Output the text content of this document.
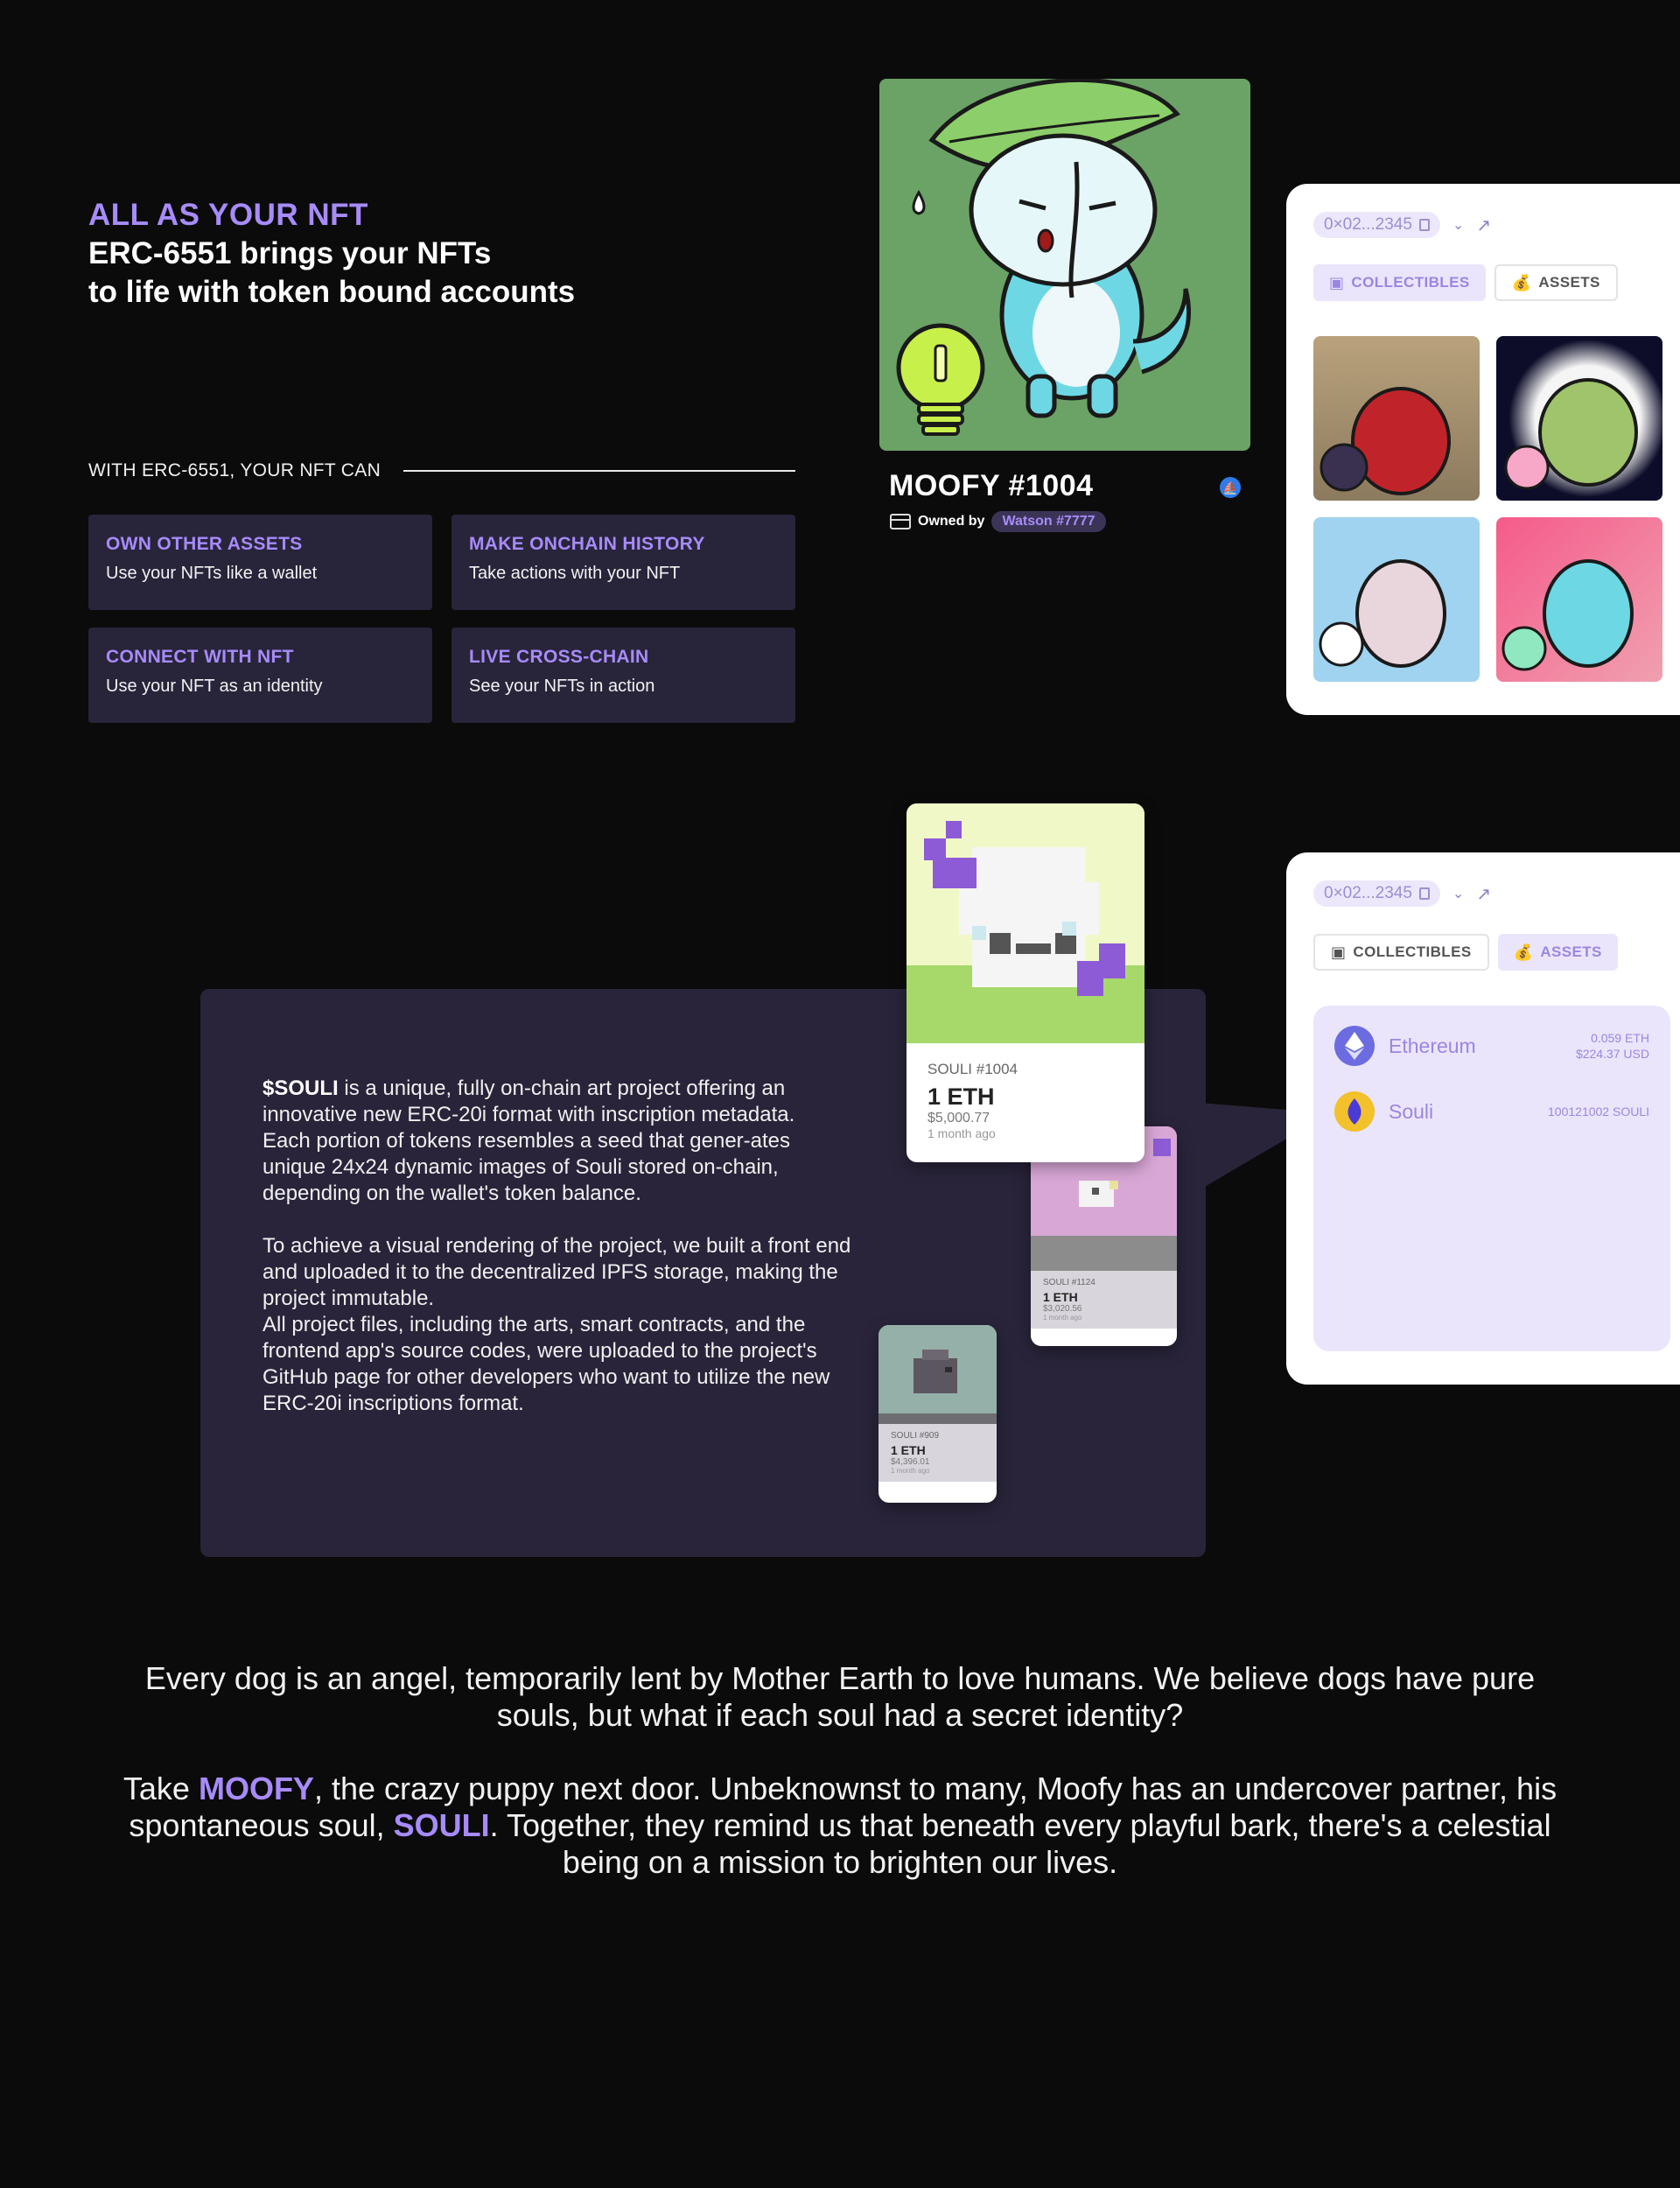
ALL AS YOUR NFT
ERC-6551 brings your NFTs
to life with token bound accounts
WITH ERC-6551, YOUR NFT CAN
OWN OTHER ASSETS
Use your NFTs like a wallet
MAKE ONCHAIN HISTORY
Take actions with your NFT
CONNECT WITH NFT
Use your NFT as an identity
LIVE CROSS-CHAIN
See your NFTs in action
MOOFY #1004	⛵
Owned by	Watson #7777
0×02...2345	⌄ ↗
▣ COLLECTIBLES	💰 ASSETS

$SOULI is a unique, fully on-chain art project offering an innovative new ERC-20i format with inscription metadata.
Each portion of tokens resembles a seed that gener-ates unique 24x24 dynamic images of Souli stored on-chain, depending on the wallet's token balance.

To achieve a visual rendering of the project, we built a front end and uploaded it to the decentralized IPFS storage, making the project immutable.
All project files, including the arts, smart contracts, and the frontend app's source codes, were uploaded to the project's GitHub page for other developers who want to utilize the new ERC-20i inscriptions format.

SOULI #909
1 ETH
$4,396.01
1 month ago
SOULI #1124
1 ETH
$3,020.56
1 month ago
SOULI #1004
1 ETH
$5,000.77
1 month ago
0×02...2345	⌄ ↗
▣ COLLECTIBLES	💰 ASSETS
Ethereum	0.059 ETH
$224.37 USD
Souli	100121002 SOULI
Every dog is an angel, temporarily lent by Mother Earth to love humans. We believe dogs have pure souls, but what if each soul had a secret identity?
Take MOOFY, the crazy puppy next door. Unbeknownst to many, Moofy has an undercover partner, his spontaneous soul, SOULI. Together, they remind us that beneath every playful bark, there's a celestial being on a mission to brighten our lives.
